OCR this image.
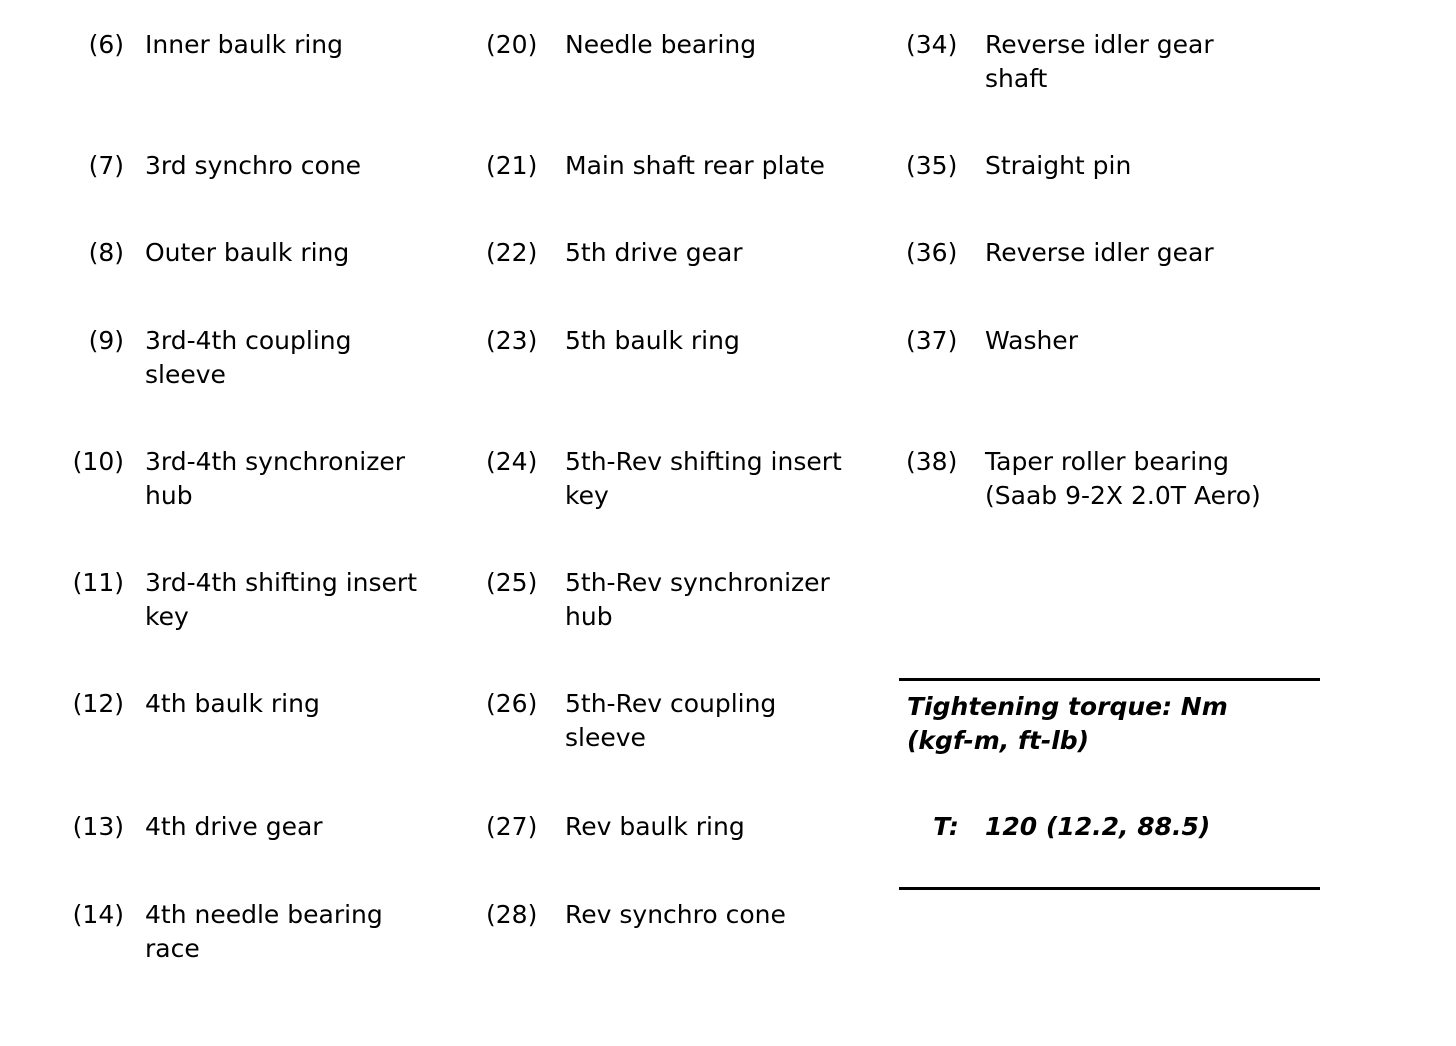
(6) Inner baulk ring
(7) 3rd synchro cone
(8) Outer baulk ring
(9) 3rd-4th coupling
sleeve
(10) 3rd-4th synchronizer
hub
(11) 3rd-4th shifting insert
key
(12) 4th baulk ring
(13) 4th drive gear
(14) 4th needle bearing
race
(20)	Needle bearing
(21)	Main shaft rear plate
(22)	5th drive gear
(23)	5th baulk ring
(24)	5th-Rev shifting insert
key
(25)	5th-Rev synchronizer
hub
(26)	5th-Rev coupling
sleeve
(27)	Rev baulk ring
(28)	Rev synchro cone
(34)	Reverse idler gear
shaft
(35)	Straight pin
(36)	Reverse idler gear
(37)	Washer
(38)	Taper roller bearing
(Saab 9-2X 2.0T Aero)
Tightening torque: Nm
(kgf-m, ft-lb)
T:	120 (12.2, 88.5)
